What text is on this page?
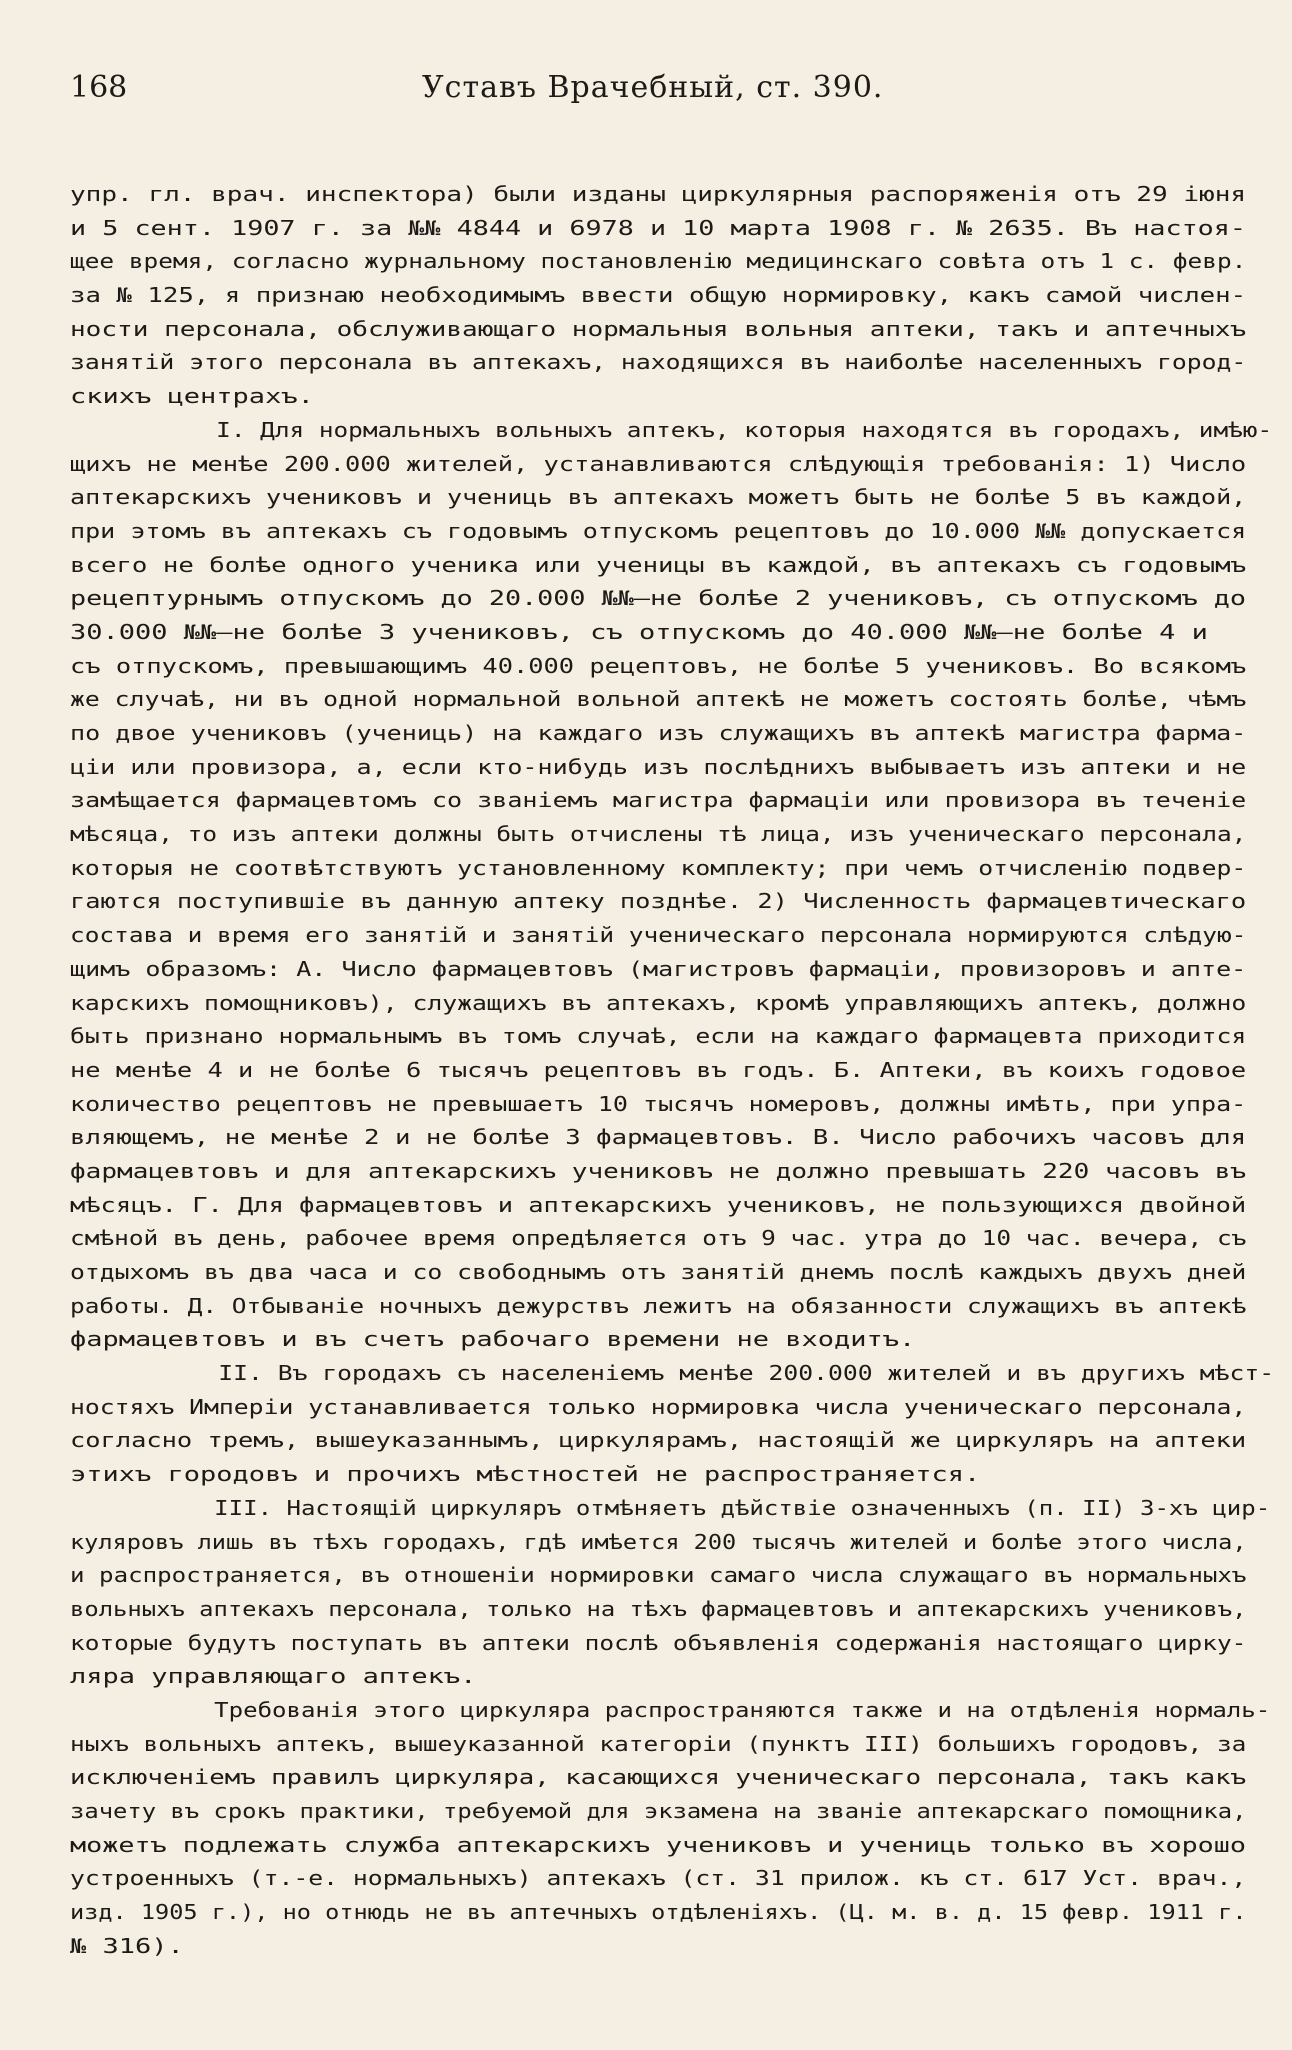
168	Уставъ Врачебный, ст. 390.
упр. гл. врач. инспектора) были изданы циркулярныя распоряженія отъ 29 іюня
и 5 сент. 1907 г. за №№ 4844 и 6978 и 10 марта 1908 г. № 2635. Въ настоя-
щее время, согласно журнальному постановленію медицинскаго совѣта отъ 1 с. февр.
за № 125, я признаю необходимымъ ввести общую нормировку, какъ самой числен-
ности персонала, обслуживающаго нормальныя вольныя аптеки, такъ и аптечныхъ
занятій этого персонала въ аптекахъ, находящихся въ наиболѣе населенныхъ город-
скихъ центрахъ.
I. Для нормальныхъ вольныхъ аптекъ, которыя находятся въ городахъ, имѣю-
щихъ не менѣе 200.000 жителей, устанавливаются слѣдующія требованія: 1) Число
аптекарскихъ учениковъ и учениць въ аптекахъ можетъ быть не болѣе 5 въ каждой,
при этомъ въ аптекахъ съ годовымъ отпускомъ рецептовъ до 10.000 №№ допускается
всего не болѣе одного ученика или ученицы въ каждой, въ аптекахъ съ годовымъ
рецептурнымъ отпускомъ до 20.000 №№—не болѣе 2 учениковъ, съ отпускомъ до
30.000 №№—не болѣе 3 учениковъ, съ отпускомъ до 40.000 №№—не болѣе 4 и
съ отпускомъ, превышающимъ 40.000 рецептовъ, не болѣе 5 учениковъ. Во всякомъ
же случаѣ, ни въ одной нормальной вольной аптекѣ не можетъ состоять болѣе, чѣмъ
по двое учениковъ (учениць) на каждаго изъ служащихъ въ аптекѣ магистра фарма-
ціи или провизора, а, если кто-нибудь изъ послѣднихъ выбываетъ изъ аптеки и не
замѣщается фармацевтомъ со званіемъ магистра фармаціи или провизора въ теченіе
мѣсяца, то изъ аптеки должны быть отчислены тѣ лица, изъ ученическаго персонала,
которыя не соотвѣтствуютъ установленному комплекту; при чемъ отчисленію подвер-
гаются поступившіе въ данную аптеку позднѣе. 2) Численность фармацевтическаго
состава и время его занятій и занятій ученическаго персонала нормируются слѣдую-
щимъ образомъ: А. Число фармацевтовъ (магистровъ фармаціи, провизоровъ и апте-
карскихъ помощниковъ), служащихъ въ аптекахъ, кромѣ управляющихъ аптекъ, должно
быть признано нормальнымъ въ томъ случаѣ, если на каждаго фармацевта приходится
не менѣе 4 и не болѣе 6 тысячъ рецептовъ въ годъ. Б. Аптеки, въ коихъ годовое
количество рецептовъ не превышаетъ 10 тысячъ номеровъ, должны имѣть, при упра-
вляющемъ, не менѣе 2 и не болѣе 3 фармацевтовъ. В. Число рабочихъ часовъ для
фармацевтовъ и для аптекарскихъ учениковъ не должно превышать 220 часовъ въ
мѣсяцъ. Г. Для фармацевтовъ и аптекарскихъ учениковъ, не пользующихся двойной
смѣной въ день, рабочее время опредѣляется отъ 9 час. утра до 10 час. вечера, съ
отдыхомъ въ два часа и со свободнымъ отъ занятій днемъ послѣ каждыхъ двухъ дней
работы. Д. Отбываніе ночныхъ дежурствъ лежитъ на обязанности служащихъ въ аптекѣ
фармацевтовъ и въ счетъ рабочаго времени не входитъ.
II. Въ городахъ съ населеніемъ менѣе 200.000 жителей и въ другихъ мѣст-
ностяхъ Имперіи устанавливается только нормировка числа ученическаго персонала,
согласно тремъ, вышеуказаннымъ, циркулярамъ, настоящій же циркуляръ на аптеки
этихъ городовъ и прочихъ мѣстностей не распространяется.
III. Настоящій циркуляръ отмѣняетъ дѣйствіе означенныхъ (п. II) 3-хъ цир-
куляровъ лишь въ тѣхъ городахъ, гдѣ имѣется 200 тысячъ жителей и болѣе этого числа,
и распространяется, въ отношеніи нормировки самаго числа служащаго въ нормальныхъ
вольныхъ аптекахъ персонала, только на тѣхъ фармацевтовъ и аптекарскихъ учениковъ,
которые будутъ поступать въ аптеки послѣ объявленія содержанія настоящаго цирку-
ляра управляющаго аптекъ.
Требованія этого циркуляра распространяются также и на отдѣленія нормаль-
ныхъ вольныхъ аптекъ, вышеуказанной категоріи (пунктъ III) большихъ городовъ, за
исключеніемъ правилъ циркуляра, касающихся ученическаго персонала, такъ какъ
зачету въ срокъ практики, требуемой для экзамена на званіе аптекарскаго помощника,
можетъ подлежать служба аптекарскихъ учениковъ и учениць только въ хорошо
устроенныхъ (т.-е. нормальныхъ) аптекахъ (ст. 31 прилож. къ ст. 617 Уст. врач.,
изд. 1905 г.), но отнюдь не въ аптечныхъ отдѣленіяхъ. (Ц. м. в. д. 15 февр. 1911 г.
№ 316).
